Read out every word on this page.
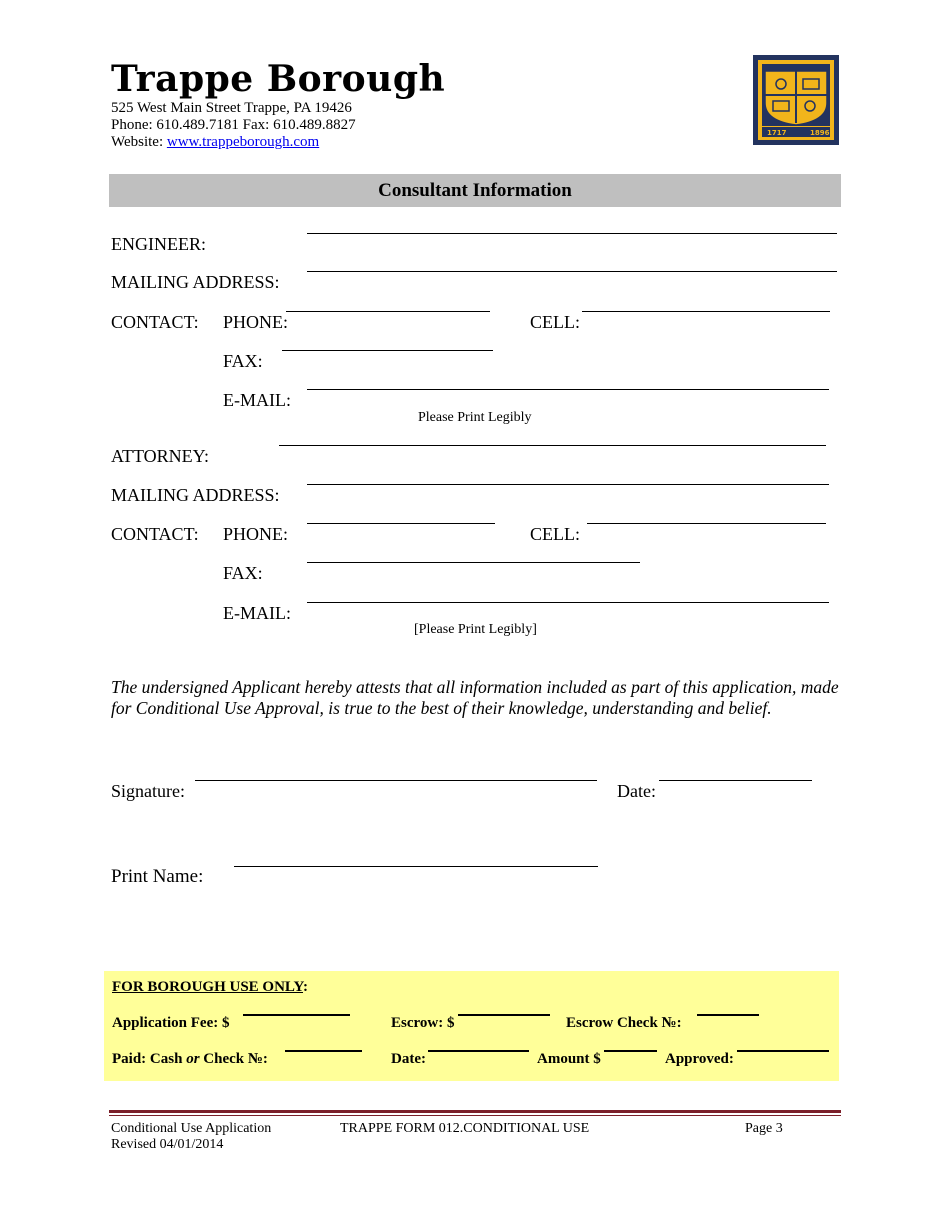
Trappe Borough
525 West Main Street Trappe, PA 19426
Phone: 610.489.7181 Fax: 610.489.8827
Website: www.trappeborough.com
1717	1896
Consultant Information
ENGINEER:
MAILING ADDRESS:
CONTACT: PHONE:	CELL:
FAX:
E-MAIL:
Please Print Legibly
ATTORNEY:
MAILING ADDRESS:
CONTACT: PHONE:	CELL:
FAX:
E-MAIL:
[Please Print Legibly]
The undersigned Applicant hereby attests that all information included as part of this application, made for Conditional Use Approval, is true to the best of their knowledge, understanding and belief.
Signature:	Date:
Print Name:
FOR BOROUGH USE ONLY:
Application Fee: $	Escrow: $	Escrow Check №:
Paid: Cash or Check №:	Date:	Amount $	Approved:
Conditional Use Application
Revised 04/01/2014
TRAPPE FORM 012.CONDITIONAL USE	Page 3
